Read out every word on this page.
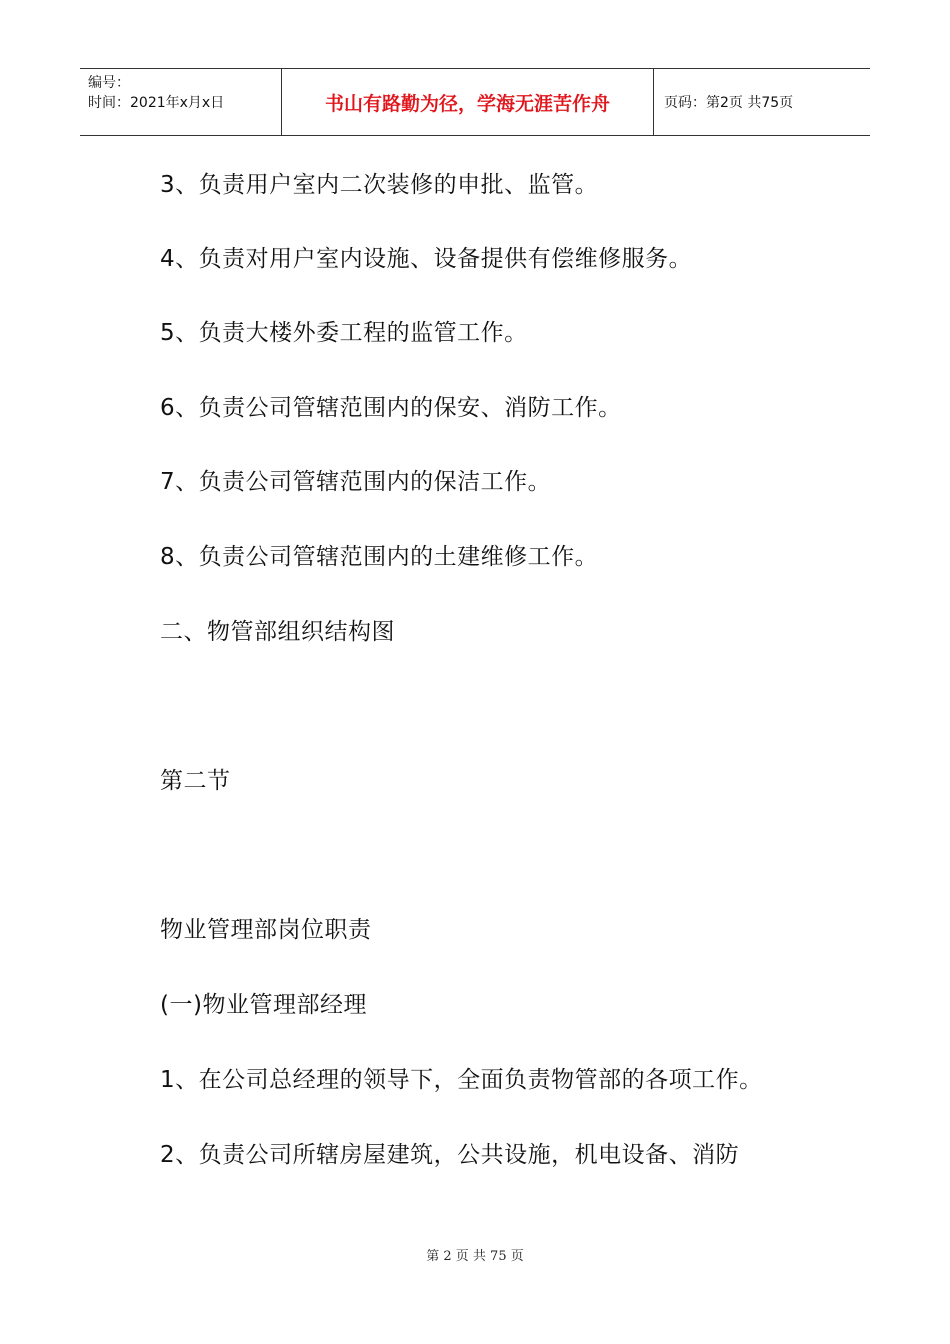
编号：
时间：2021年x月x日	书山有路勤为径，学海无涯苦作舟	页码：第2页 共75页
3、负责用户室内二次装修的申批、监管。
4、负责对用户室内设施、设备提供有偿维修服务。
5、负责大楼外委工程的监管工作。
6、负责公司管辖范围内的保安、消防工作。
7、负责公司管辖范围内的保洁工作。
8、负责公司管辖范围内的土建维修工作。
二、物管部组织结构图
第二节
物业管理部岗位职责
(一)物业管理部经理
1、在公司总经理的领导下，全面负责物管部的各项工作。
2、负责公司所辖房屋建筑，公共设施，机电设备、消防
第 2 页 共 75 页
